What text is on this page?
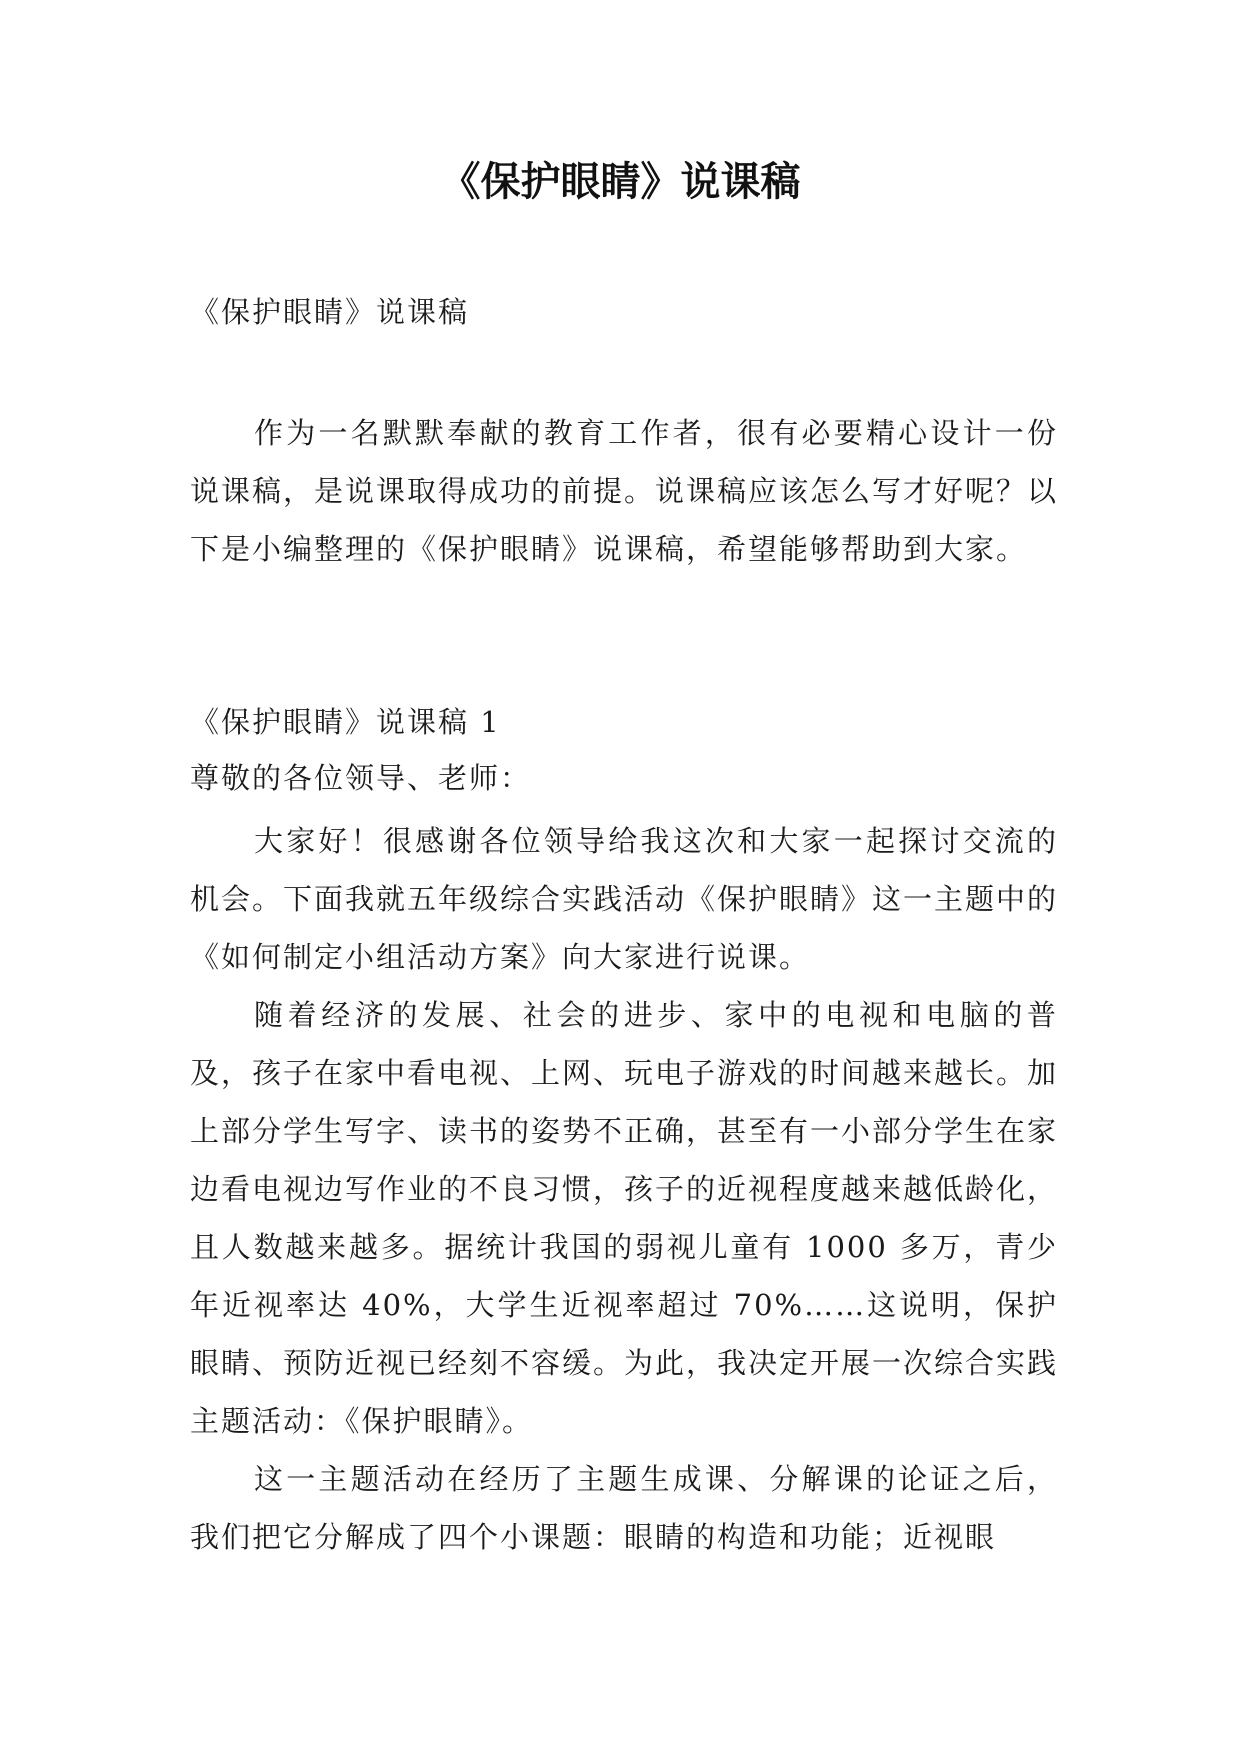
《保护眼睛》说课稿
《保护眼睛》说课稿

作为一名默默奉献的教育工作者，很有必要精心设计一份说课稿，是说课取得成功的前提。说课稿应该怎么写才好呢？以下是小编整理的《保护眼睛》说课稿，希望能够帮助到大家。

《保护眼睛》说课稿 1
尊敬的各位领导、老师：

大家好！很感谢各位领导给我这次和大家一起探讨交流的机会。下面我就五年级综合实践活动《保护眼睛》这一主题中的《如何制定小组活动方案》向大家进行说课。

随着经济的发展、社会的进步、家中的电视和电脑的普及，孩子在家中看电视、上网、玩电子游戏的时间越来越长。加上部分学生写字、读书的姿势不正确，甚至有一小部分学生在家边看电视边写作业的不良习惯，孩子的近视程度越来越低龄化，且人数越来越多。据统计我国的弱视儿童有 1000 多万，青少年近视率达 40%，大学生近视率超过 70%……这说明，保护眼睛、预防近视已经刻不容缓。为此，我决定开展一次综合实践主题活动：《保护眼睛》。

这一主题活动在经历了主题生成课、分解课的论证之后，我们把它分解成了四个小课题：眼睛的构造和功能；近视眼
